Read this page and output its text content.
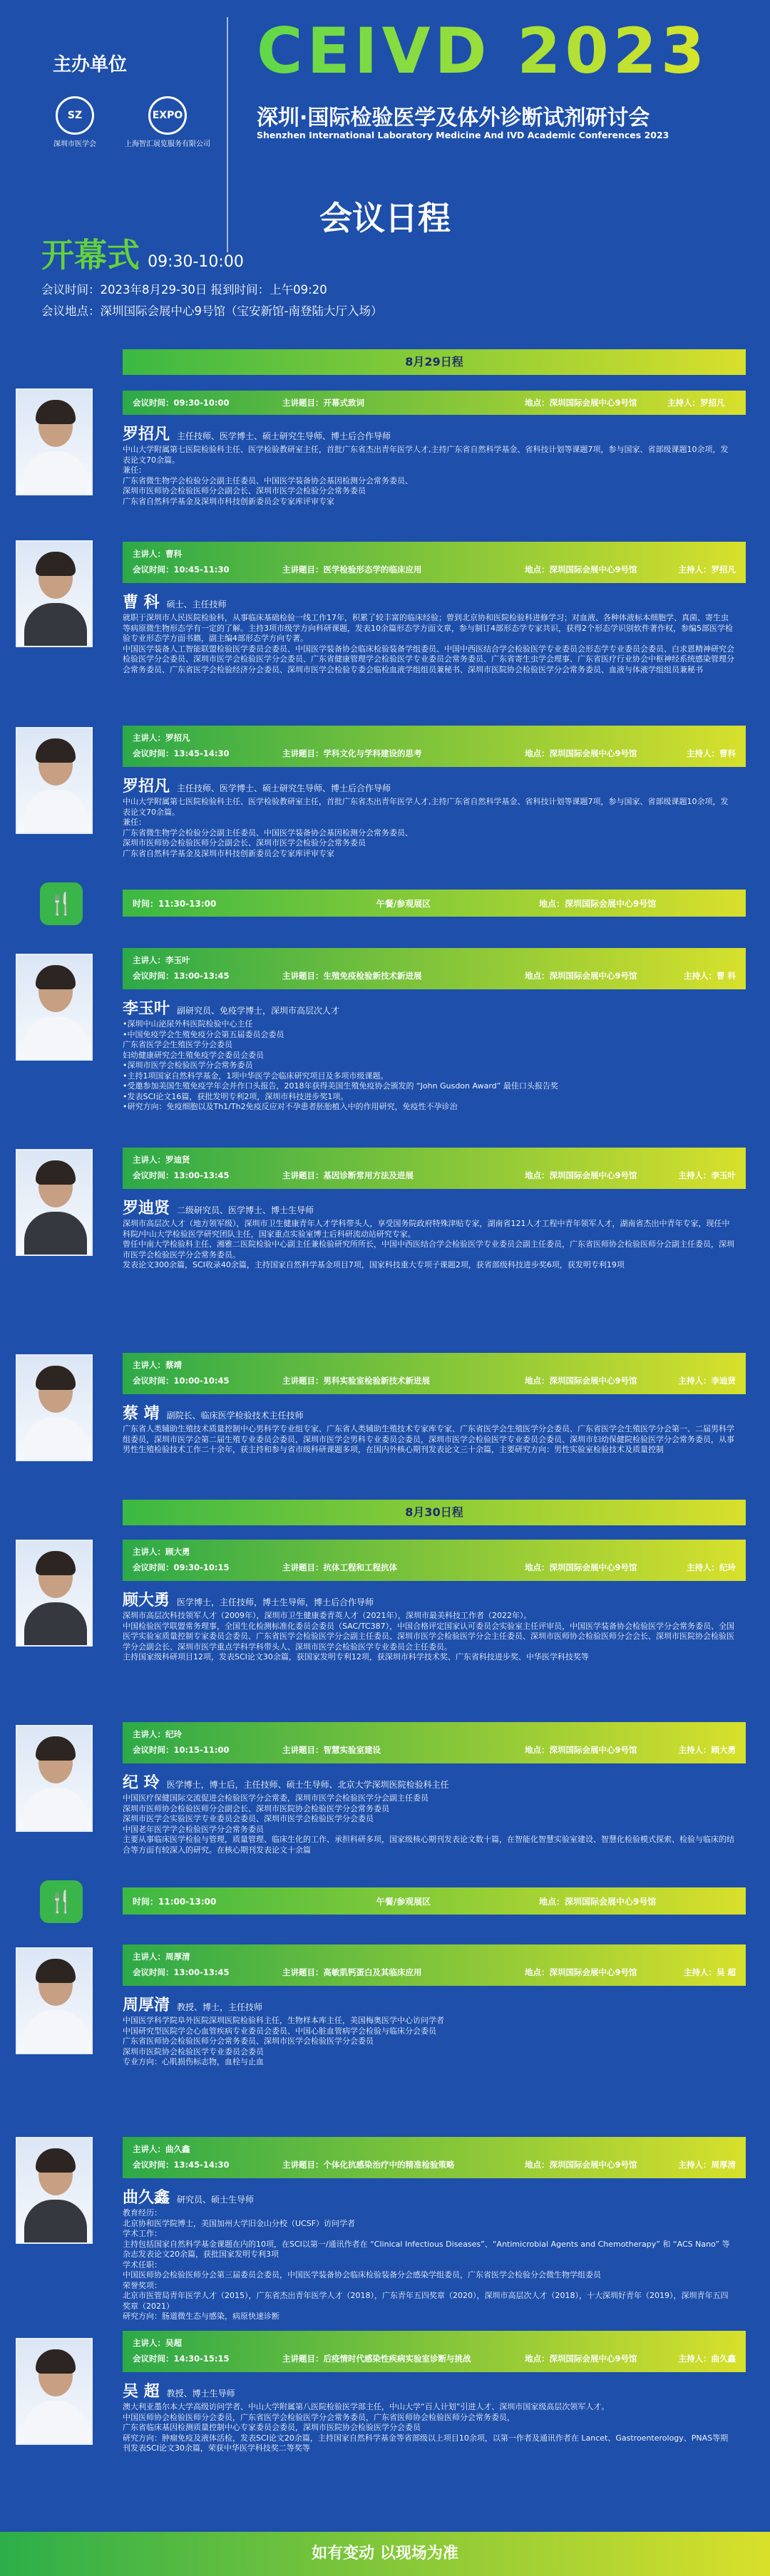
主办单位
SZ
深圳市医学会
EXPO
上海智汇展览服务有限公司
CEIVD 2023
深圳·国际检验医学及体外诊断试剂研讨会
Shenzhen International Laboratory Medicine And IVD Academic Conferences 2023
会议日程
开幕式 09:30-10:00
会议时间：2023年8月29-30日 报到时间：上午09:20
会议地点：深圳国际会展中心9号馆（宝安新馆-南登陆大厅入场）
8月29日程
8月30日程
会议时间：09:30-10:00	主讲题目：开幕式致词	地点：深圳国际会展中心9号馆	主持人：罗招凡
罗招凡 主任技师、医学博士、硕士研究生导师、博士后合作导师
中山大学附属第七医院检验科主任、医学检验教研室主任，首批广东省杰出青年医学人才,主持广东省自然科学基金、省科技计划等课题7项，参与国家、省部级课题10余项，发表论文70余篇。
兼任：
广东省微生物学会检验分会副主任委员、中国医学装备协会基因检测分会常务委员、
深圳市医师协会检验医师分会副会长、深圳市医学会检验分会常务委员
广东省自然科学基金及深圳市科技创新委员会专家库评审专家
主讲人：曹科
会议时间：10:45-11:30	主讲题目：医学检验形态学的临床应用	地点：深圳国际会展中心9号馆	主持人：罗招凡
曹 科 硕士、主任技师
就职于深圳市人民医院检验科，从事临床基础检验一线工作17年，积累了较丰富的临床经验；曾到北京协和医院检验科进修学习；对血液、各种体液标本细胞学、真菌、寄生虫等病原微生物形态学有一定的了解。主持3项市级学方向科研课题，发表10余篇形态学方面文章，参与制订4部形态学专家共识，获得2个形态学识别软件著作权，参编5部医学检验专业形态学方面书籍，副主编4部形态学方向专著。
中国医学装备人工智能联盟检验医学委员会委员、中国医学装备协会临床检验装备学组委员、中国中西医结合学会检验医学专业委员会形态学专业委员会委员、白求恩精神研究会检验医学分会委员、深圳市医学会检验医学分会委员、广东省健康管理学会检验医学专业委员会常务委员、广东省寄生虫学会理事、广东省医疗行业协会中枢神经系统感染管理分会常务委员、广东省医学会检验经济分会委员、深圳市医学会检验专委会临检血液学组组员兼秘书、深圳市医院协会检验医学分会常务委员、血液与体液学组组员兼秘书
主讲人：罗招凡
会议时间：13:45-14:30	主讲题目：学科文化与学科建设的思考	地点：深圳国际会展中心9号馆	主持人：曹科
罗招凡 主任技师、医学博士、硕士研究生导师、博士后合作导师
中山大学附属第七医院检验科主任、医学检验教研室主任，首批广东省杰出青年医学人才,主持广东省自然科学基金、省科技计划等课题7项，参与国家、省部级课题10余项，发表论文70余篇。
兼任：
广东省微生物学会检验分会副主任委员、中国医学装备协会基因检测分会常务委员、
深圳市医师协会检验医师分会副会长、深圳市医学会检验分会常务委员
广东省自然科学基金及深圳市科技创新委员会专家库评审专家
主讲人：李玉叶
会议时间：13:00-13:45	主讲题目：生殖免疫检验新技术新进展	地点：深圳国际会展中心9号馆	主持人：曹 科
李玉叶 副研究员、免疫学博士，深圳市高层次人才
•深圳中山泌尿外科医院检验中心主任
•中国免疫学会生殖免疫分会第五届委员会委员
广东省医学会生殖医学分会委员
妇幼健康研究会生殖免疫学会委员会委员
•深圳市医学会检验医学分会常务委员
•主持1项国家自然科学基金，1项中华医学会临床研究项目及多项市级课题。
•受邀参加美国生殖免疫学年会并作口头报告，2018年获得美国生殖免疫协会颁发的 “John Gusdon Award” 最佳口头报告奖
•发表SCI论文16篇，获批发明专利2项，深圳市科技进步奖1项。
•研究方向：免疫细胞以及Th1/Th2免疫反应对不孕患者胚胎植入中的作用研究，免疫性不孕诊治
主讲人：罗迪贤
会议时间：13:00-13:45	主讲题目：基因诊断常用方法及进展	地点：深圳国际会展中心9号馆	主持人：李玉叶
罗迪贤 二级研究员、医学博士、博士生导师
深圳市高层次人才（地方领军级），深圳市卫生健康青年人才学科带头人，享受国务院政府特殊津贴专家，湖南省121人才工程中青年领军人才，湖南省杰出中青年专家，现任中科院/中山大学检验医学研究团队主任，国家重点实验室博士后科研流动站研究专家。
曾任中南大学检验科主任、湘雅二医院检验中心副主任兼检验研究所所长，中国中西医结合学会检验医学专业委员会副主任委员，广东省医师协会检验医师分会副主任委员，深圳市医学会检验医学分会常务委员。
发表论文300余篇，SCI收录40余篇，主持国家自然科学基金项目7项，国家科技重大专项子课题2项，获省部级科技进步奖6项，获发明专利19项
主讲人：蔡靖
会议时间：10:00-10:45	主讲题目：男科实验室检验新技术新进展	地点：深圳国际会展中心9号馆	主持人：李迪贤
蔡 靖 副院长、临床医学检验技术主任技师
广东省人类辅助生殖技术质量控制中心男科学专业组专家、广东省人类辅助生殖技术专家库专家、广东省医学会生殖医学分会委员、广东省医学会生殖医学分会第一、二届男科学组委员，深圳市医学会第二届生殖专业委员会委员，深圳市医学会男科专业委员会委员，深圳市医学会检验医学专业委员会委员、深圳市妇幼保健院检验医学分会常务委员，从事男性生殖检验技术工作二十余年，获主持和参与省市级科研课题多项，在国内外核心期刊发表论文三十余篇，主要研究方向：男性实验室检验技术及质量控制
主讲人：顾大勇
会议时间：09:30-10:15	主讲题目：抗体工程和工程抗体	地点：深圳国际会展中心9号馆	主持人：纪玲
顾大勇 医学博士，主任技师，博士生导师，博士后合作导师
深圳市高层次科技领军人才（2009年），深圳市卫生健康委青英人才（2021年），深圳市最美科技工作者（2022年）。
中国检验医学联盟常务理事，全国生化检测标准化委员会委员（SAC/TC387），中国合格评定国家认可委员会实验室主任评审员，中国医学装备协会检验医学分会常务委员、全国医学实验室质量控制专家委员会委员、广东省医学会检验医学分会副主任委员、深圳市医学会检验医学分会主任委员、深圳市医师协会检验医师分会会长、深圳市医院协会检验医学分会副会长、深圳市医学重点学科学科带头人、深圳市医学会检验医学专业委员会主任委员。
主持国家级科研项目12项，发表SCI论文30余篇，获国家发明专利12项，获深圳市科学技术奖、广东省科技进步奖、中华医学科技奖等
主讲人：纪玲
会议时间：10:15-11:00	主讲题目：智慧实验室建设	地点：深圳国际会展中心9号馆	主持人：顾大勇
纪 玲 医学博士，博士后，主任技师、硕士生导师、北京大学深圳医院检验科主任
中国医疗保健国际交流促进会检验医学分会常委，深圳市医学会检验医学分会副主任委员
深圳市医师协会检验医师分会副会长、深圳市医院协会检验医学分会常务委员
深圳市医学会实验医学专业委员会委员、深圳市医学会检验医学分会委员
中国老年医学学会检验医学分会常务委员
主要从事临床医学检验与管理，质量管理、临床生化的工作、承担科研多项，国家级核心期刊发表论文数十篇，在智能化智慧实验室建设、智慧化检验模式探索、检验与临床的结合等方面有较深入的研究。在核心期刊发表论文十余篇
主讲人：周厚清
会议时间：13:00-13:45	主讲题目：高敏肌钙蛋白及其临床应用	地点：深圳国际会展中心9号馆	主持人：吴 超
周厚清 教授、博士，主任技师
中国医学科学院阜外医院深圳医院检验科主任，生物样本库主任，美国梅奥医学中心访问学者
中国研究型医院学会心血管疾病专业委员会委员、中国心脏血管病学会检验与临床分会委员
广东省医师协会检验医师分会常务委员、深圳市医学会检验医学分会委员
深圳市医院协会检验医学专业委员会委员
专业方向：心肌损伤标志物，血栓与止血
主讲人：曲久鑫
会议时间：13:45-14:30	主讲题目：个体化抗感染治疗中的精准检验策略	地点：深圳国际会展中心9号馆	主持人：周厚清
曲久鑫 研究员、硕士生导师
教育经历：
北京协和医学院博士，美国加州大学旧金山分校（UCSF）访问学者
学术工作：
主持包括国家自然科学基金课题在内的10项，在SCI以第一/通讯作者在 “Clinical Infectious Diseases”、“Antimicrobial Agents and Chemotherapy” 和 “ACS Nano” 等杂志发表论文20余篇，获批国家发明专利3项
学术任职：
中国医师协会检验医师分会第三届委员会委员，中国医学装备协会临床检验装备分会感染学组委员，广东省医学会检验分会微生物学组委员
荣誉奖项：
北京市医管局青年医学人才（2015），广东省杰出青年医学人才（2018），广东青年五四奖章（2020），深圳市高层次人才（2018），十大深圳好青年（2019），深圳青年五四奖章（2021）
研究方向：肠道微生态与感染，病原快速诊断
主讲人：吴超
会议时间：14:30-15:15	主讲题目：后疫情时代感染性疾病实验室诊断与挑战	地点：深圳国际会展中心9号馆	主持人：曲久鑫
吴 超 教授、博士生导师
澳大利亚墨尔本大学高级访问学者、中山大学附属第八医院检验医学部主任，中山大学“百人计划”引进人才、深圳市国家级高层次领军人才。
中国医师协会检验医师分会委员，广东省医学会检验医学分会常务委员，广东省医师协会检验医师分会常务委员，
广东省临床基因检测质量控制中心专家委员会委员，深圳市医院协会检验医学分会委员
研究方向：肿瘤免疫及液体活检，发表SCI论文20余篇，主持国家自然科学基金等省部级以上项目10余项，以第一作者及通讯作者在 Lancet、Gastroenterology、PNAS等期刊发表SCI论文30余篇，荣获中华医学科技奖二等奖等
🍴	时间：11:30-13:00	午餐/参观展区	地点：深圳国际会展中心9号馆
🍴	时间：11:00-13:00	午餐/参观展区	地点：深圳国际会展中心9号馆
如有变动 以现场为准
